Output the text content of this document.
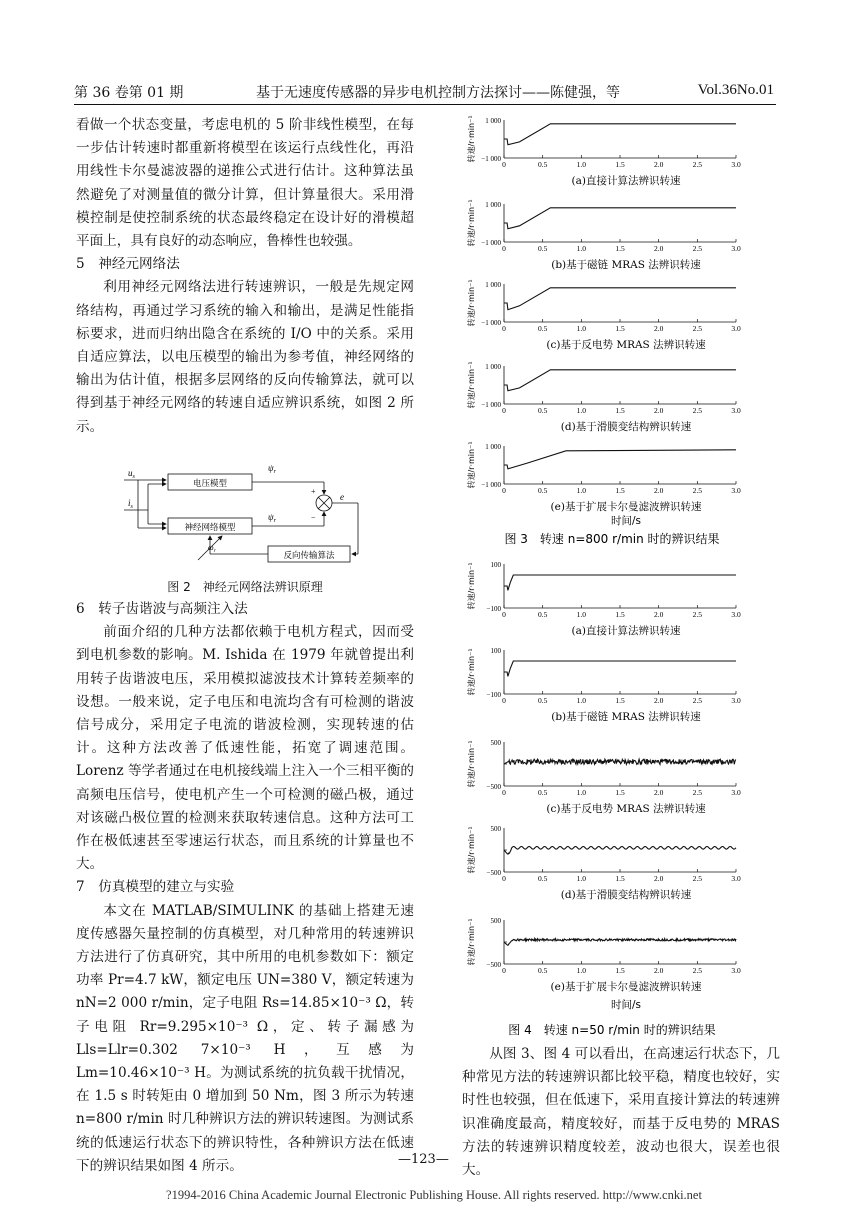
第 36 卷第 01 期	基于无速度传感器的异步电机控制方法探讨——陈健强，等	Vol.36No.01

看做一个状态变量，考虑电机的 5 阶非线性模型，在每一步估计转速时都重新将模型在该运行点线性化，再沿用线性卡尔曼滤波器的递推公式进行估计。这种算法虽然避免了对测量值的微分计算，但计算量很大。采用滑模控制是使控制系统的状态最终稳定在设计好的滑模超平面上，具有良好的动态响应，鲁棒性也较强。

5　神经元网络法

利用神经元网络法进行转速辨识，一般是先规定网络结构，再通过学习系统的输入和输出，是满足性能指标要求，进而归纳出隐含在系统的 I/O 中的关系。采用自适应算法，以电压模型的输出为参考值，神经网络的输出为估计值，根据多层网络的反向传输算法，就可以得到基于神经元网络的转速自适应辨识系统，如图 2 所示。

$u_s$
$i_s$
电压模型
神经网络模型
$\psi_r$
$\psi_r$
+
−
e
反向传输算法
$\omega_r$
图 2　神经元网络法辨识原理

6　转子齿谐波与高频注入法

前面介绍的几种方法都依赖于电机方程式，因而受到电机参数的影响。M. Ishida 在 1979 年就曾提出利用转子齿谐波电压，采用模拟滤波技术计算转差频率的设想。一般来说，定子电压和电流均含有可检测的谐波信号成分，采用定子电流的谐波检测，实现转速的估计。这种方法改善了低速性能，拓宽了调速范围。Lorenz 等学者通过在电机接线端上注入一个三相平衡的高频电压信号，使电机产生一个可检测的磁凸极，通过对该磁凸极位置的检测来获取转速信息。这种方法可工作在极低速甚至零速运行状态，而且系统的计算量也不大。

7　仿真模型的建立与实验

本文在 MATLAB/SIMULINK 的基础上搭建无速度传感器矢量控制的仿真模型，对几种常用的转速辨识方法进行了仿真研究，其中所用的电机参数如下：额定功率 Pr=4.7 kW，额定电压 UN=380 V，额定转速为 nN=2 000 r/min，定子电阻 Rs=14.85×10⁻³ Ω，转子电阻 Rr=9.295×10⁻³ Ω，定、转子漏感为 Lls=Llr=0.302 7×10⁻³ H，互感为 Lm=10.46×10⁻³ H。为测试系统的抗负载干扰情况，在 1.5 s 时转矩由 0 增加到 50 Nm，图 3 所示为转速 n=800 r/min 时几种辨识方法的辨识转速图。为测试系统的低速运行状态下的辨识特性，各种辨识方法在低速下的辨识结果如图 4 所示。

0	0.5	1.0	1.5	2.0	2.5	3.0
1 000
−1 000
转速/r·min⁻¹
(a)直接计算法辨识转速
0	0.5	1.0	1.5	2.0	2.5	3.0
1 000
−1 000
转速/r·min⁻¹
(b)基于磁链 MRAS 法辨识转速
0	0.5	1.0	1.5	2.0	2.5	3.0
1 000
−1 000
转速/r·min⁻¹
(c)基于反电势 MRAS 法辨识转速
0	0.5	1.0	1.5	2.0	2.5	3.0
1 000
−1 000
转速/r·min⁻¹
(d)基于滑膜变结构辨识转速
0	0.5	1.0	1.5	2.0	2.5	3.0
1 000
−1 000
转速/r·min⁻¹
(e)基于扩展卡尔曼滤波辨识转速
0	0.5	1.0	1.5	2.0	2.5	3.0
100
−100
转速/r·min⁻¹
(a)直接计算法辨识转速
0	0.5	1.0	1.5	2.0	2.5	3.0
100
−100
转速/r·min⁻¹
(b)基于磁链 MRAS 法辨识转速
0	0.5	1.0	1.5	2.0	2.5	3.0
500
−500
转速/r·min⁻¹
(c)基于反电势 MRAS 法辨识转速
0	0.5	1.0	1.5	2.0	2.5	3.0
500
−500
转速/r·min⁻¹
(d)基于滑膜变结构辨识转速
0	0.5	1.0	1.5	2.0	2.5	3.0
500
−500
转速/r·min⁻¹
(e)基于扩展卡尔曼滤波辨识转速
时间/s
图 3　转速 n=800 r/min 时的辨识结果
时间/s
图 4　转速 n=50 r/min 时的辨识结果

从图 3、图 4 可以看出，在高速运行状态下，几种常见方法的转速辨识都比较平稳，精度也较好，实时性也较强，但在低速下，采用直接计算法的转速辨识准确度最高，精度较好，而基于反电势的 MRAS方法的转速辨识精度较差，波动也很大，误差也很大。

—123—
?1994-2016 China Academic Journal Electronic Publishing House. All rights reserved. http://www.cnki.net
